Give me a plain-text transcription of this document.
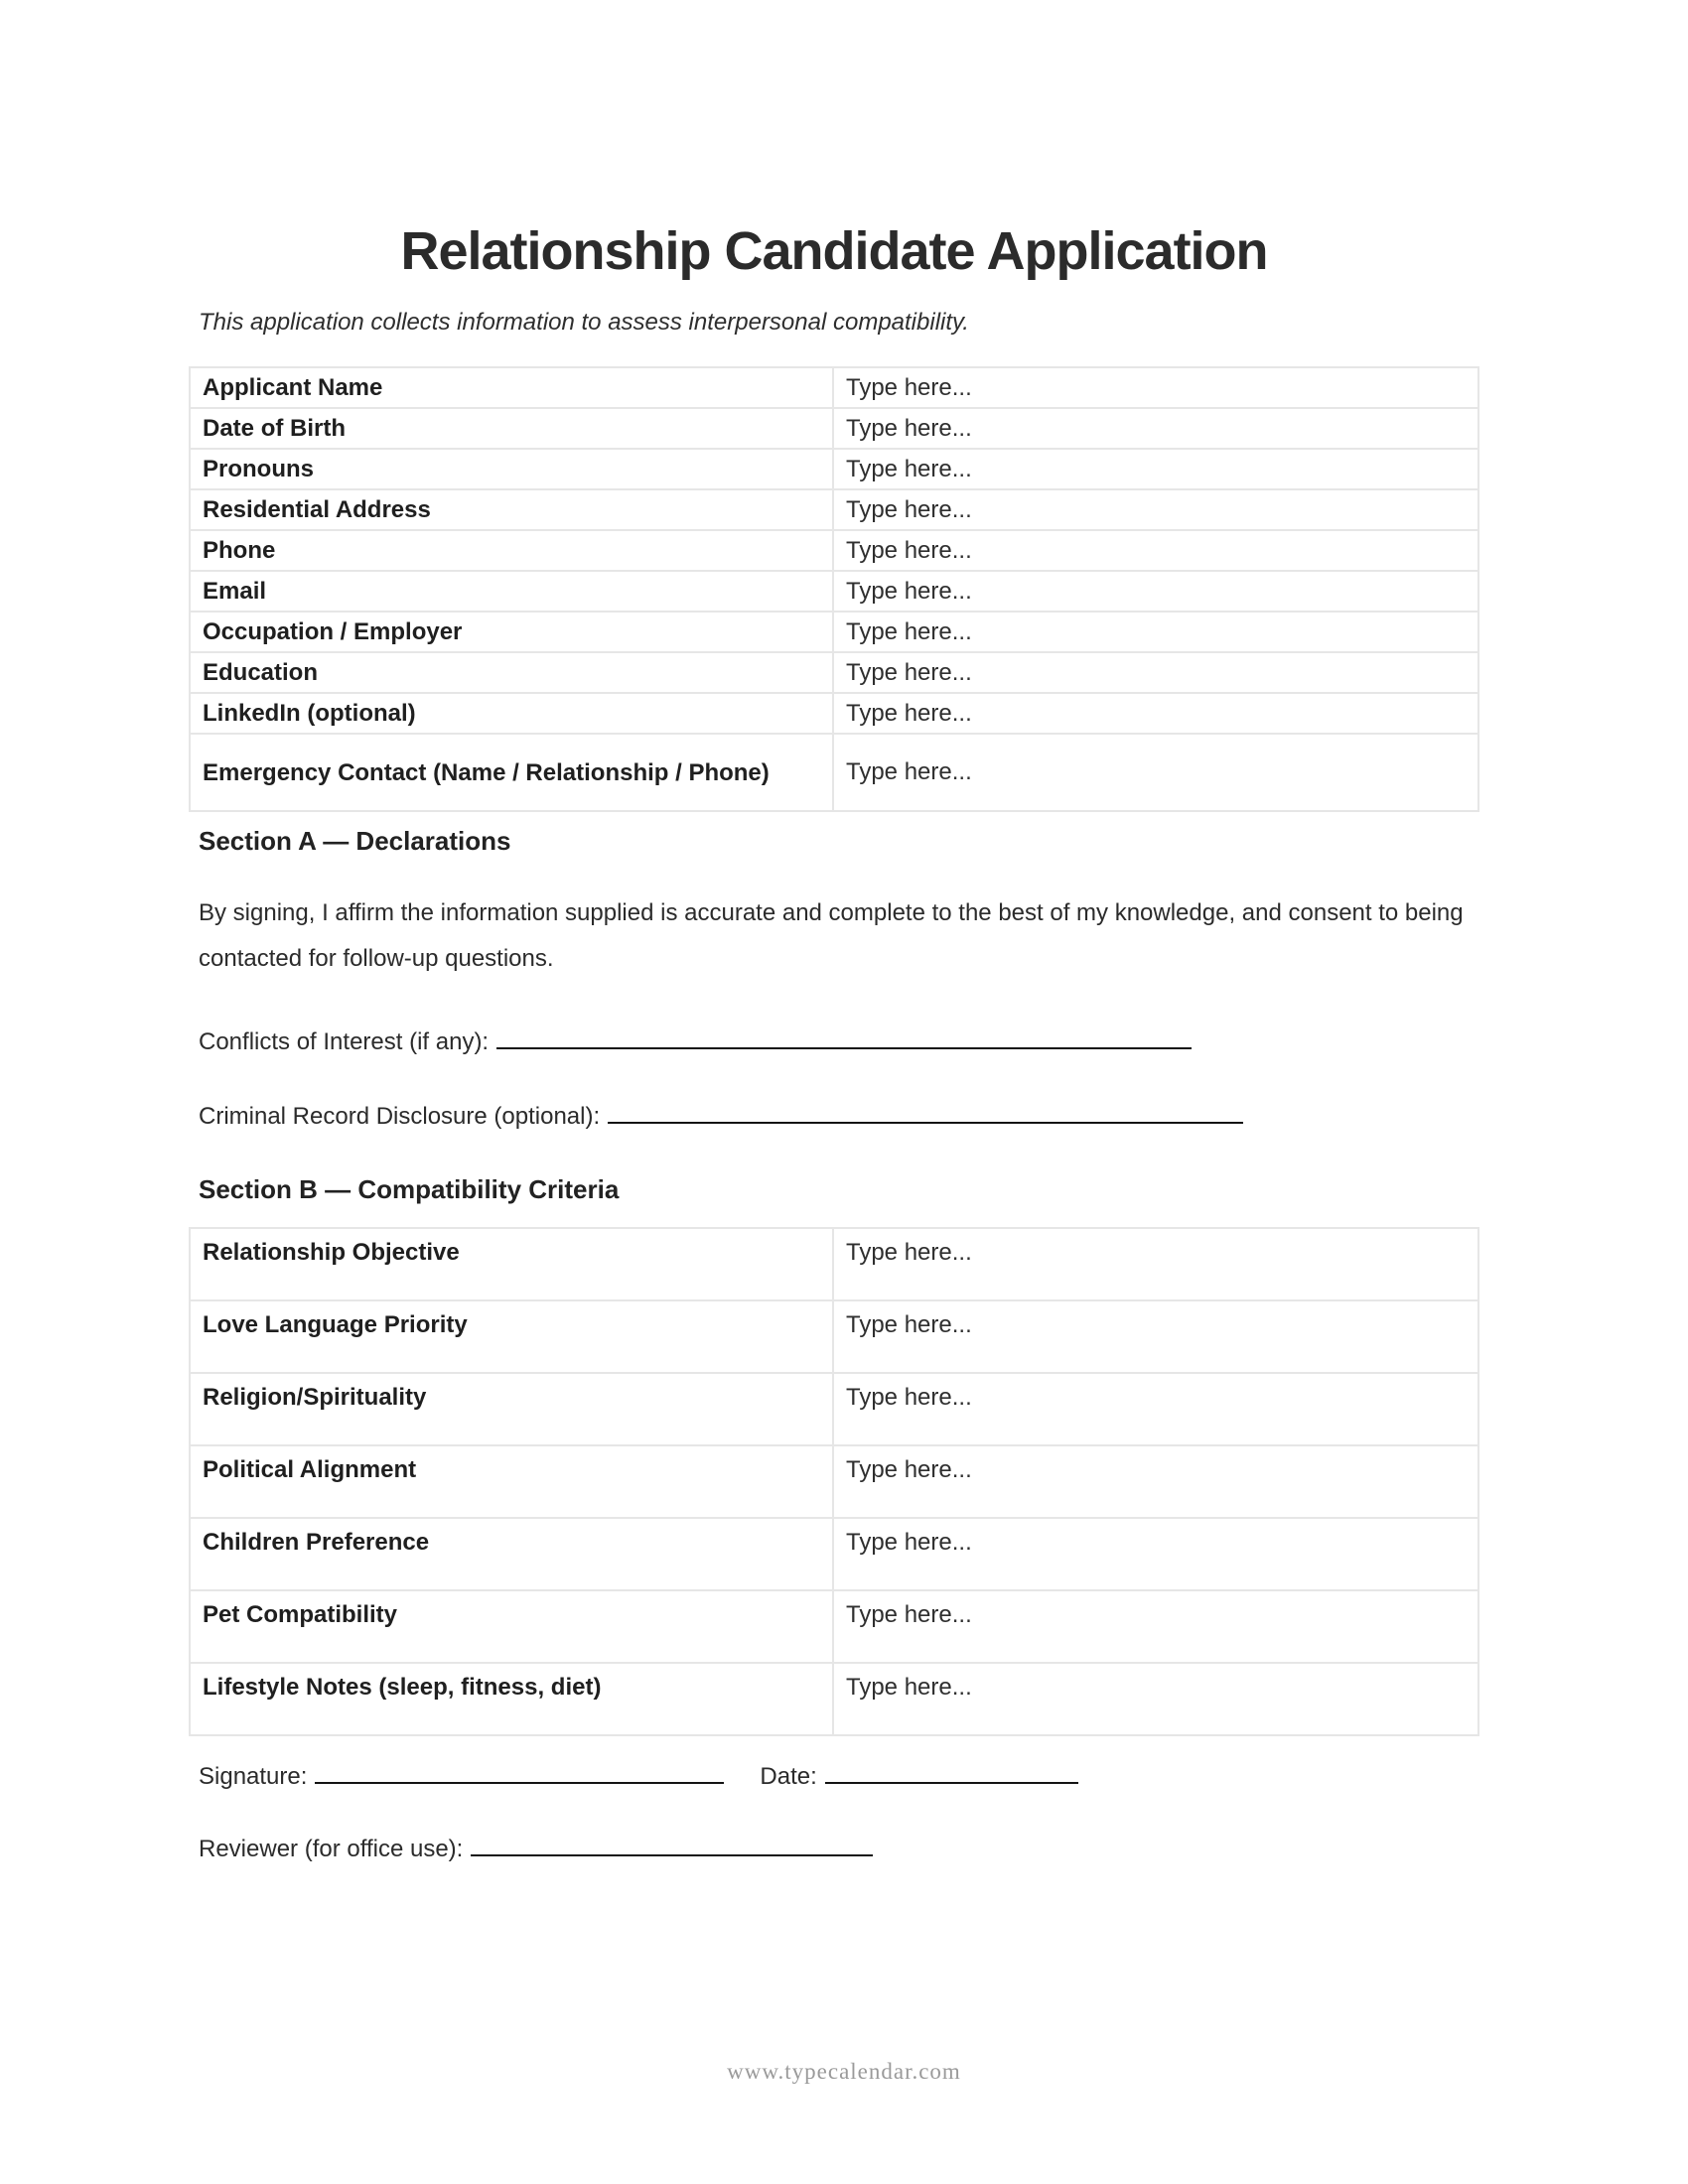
Relationship Candidate Application

This application collects information to assess interpersonal compatibility.

Applicant Name	Type here...
Date of Birth	Type here...
Pronouns	Type here...
Residential Address	Type here...
Phone	Type here...
Email	Type here...
Occupation / Employer	Type here...
Education	Type here...
LinkedIn (optional)	Type here...
Emergency Contact (Name / Relationship / Phone)	Type here...
Section A — Declarations

By signing, I affirm the information supplied is accurate and complete to the best of my knowledge, and consent to being contacted for follow-up questions.

Conflicts of Interest (if any):
Criminal Record Disclosure (optional):
Section B — Compatibility Criteria
Relationship Objective	Type here...
Love Language Priority	Type here...
Religion/Spirituality	Type here...
Political Alignment	Type here...
Children Preference	Type here...
Pet Compatibility	Type here...
Lifestyle Notes (sleep, fitness, diet)	Type here...
Signature:	Date:
Reviewer (for office use):
www.typecalendar.com
